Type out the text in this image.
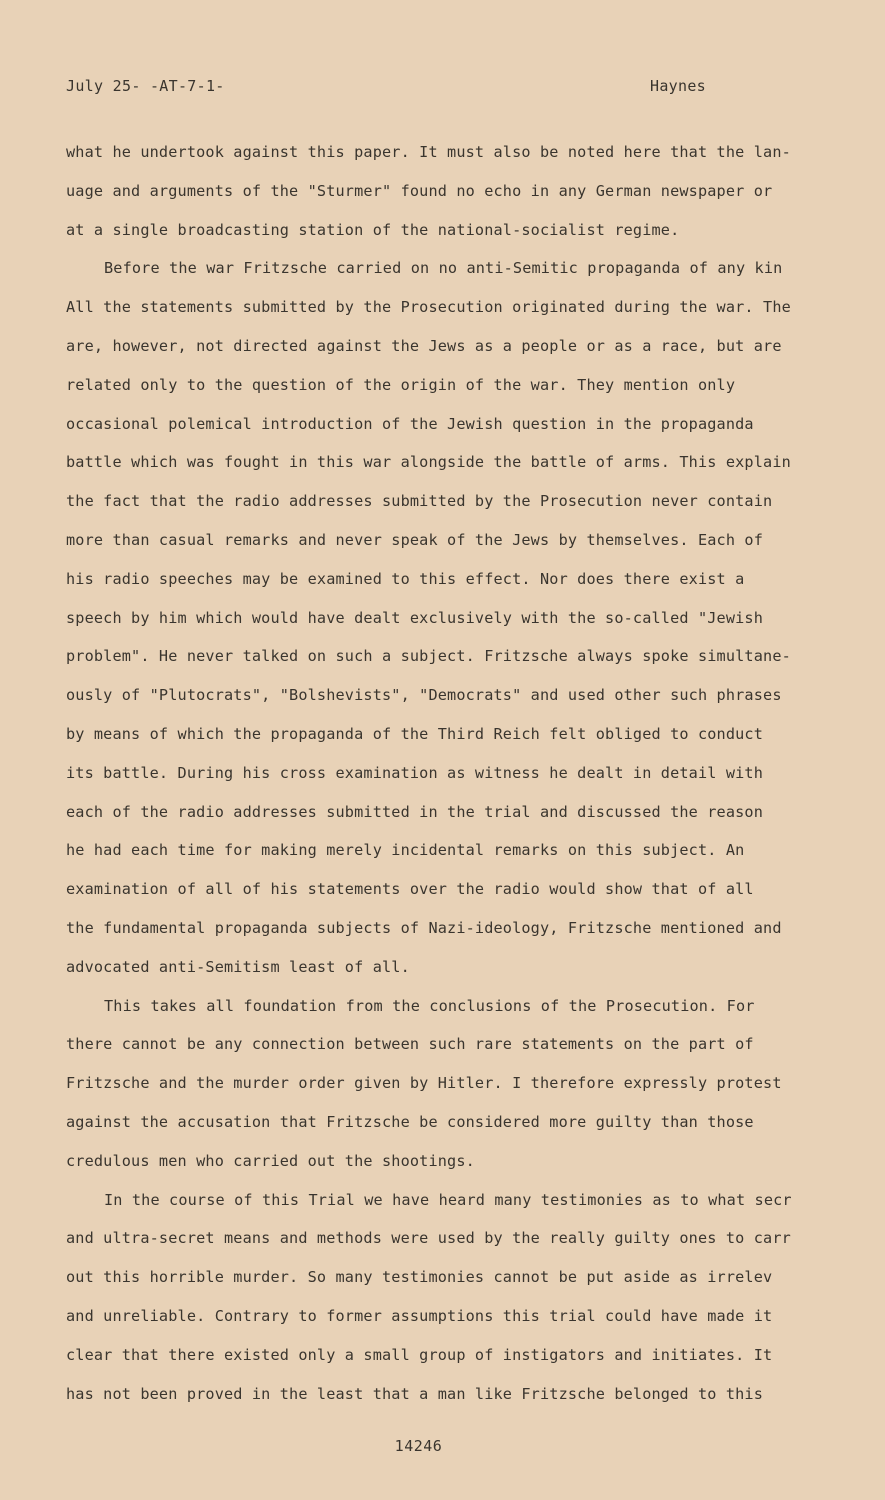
July 25- -AT-7-1-	Haynes
what he undertook against this paper. It must also be noted here that the lan-
uage and arguments of the "Sturmer" found no echo in any German newspaper or
at a single broadcasting station of the national-socialist regime.
Before the war Fritzsche carried on no anti-Semitic propaganda of any kin
All the statements submitted by the Prosecution originated during the war. The
are, however, not directed against the Jews as a people or as a race, but are
related only to the question of the origin of the war. They mention only
occasional polemical introduction of the Jewish question in the propaganda
battle which was fought in this war alongside the battle of arms. This explain
the fact that the radio addresses submitted by the Prosecution never contain
more than casual remarks and never speak of the Jews by themselves. Each of
his radio speeches may be examined to this effect. Nor does there exist a
speech by him which would have dealt exclusively with the so-called "Jewish
problem". He never talked on such a subject. Fritzsche always spoke simultane-
ously of "Plutocrats", "Bolshevists", "Democrats" and used other such phrases
by means of which the propaganda of the Third Reich felt obliged to conduct
its battle. During his cross examination as witness he dealt in detail with
each of the radio addresses submitted in the trial and discussed the reason
he had each time for making merely incidental remarks on this subject. An
examination of all of his statements over the radio would show that of all
the fundamental propaganda subjects of Nazi-ideology, Fritzsche mentioned and
advocated anti-Semitism least of all.
This takes all foundation from the conclusions of the Prosecution. For
there cannot be any connection between such rare statements on the part of
Fritzsche and the murder order given by Hitler. I therefore expressly protest
against the accusation that Fritzsche be considered more guilty than those
credulous men who carried out the shootings.
In the course of this Trial we have heard many testimonies as to what secr
and ultra-secret means and methods were used by the really guilty ones to carr
out this horrible murder. So many testimonies cannot be put aside as irrelev
and unreliable. Contrary to former assumptions this trial could have made it
clear that there existed only a small group of instigators and initiates. It
has not been proved in the least that a man like Fritzsche belonged to this
14246
